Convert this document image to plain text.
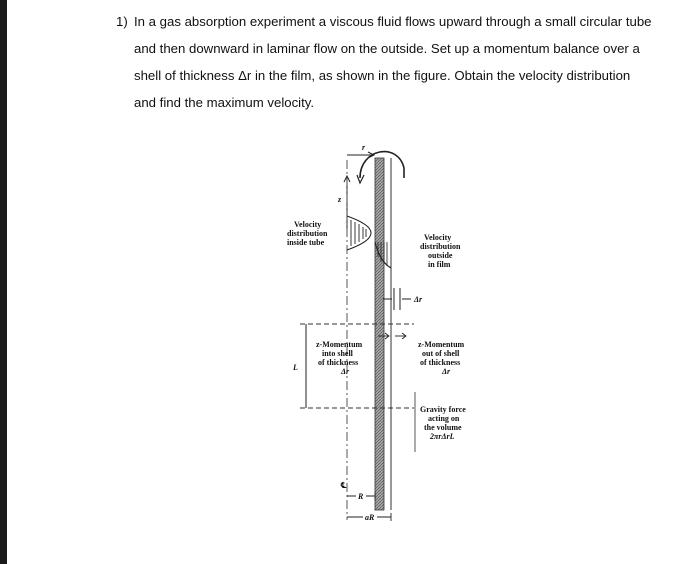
1) In a gas absorption experiment a viscous fluid flows upward through a small circular tube
and then downward in laminar flow on the outside. Set up a momentum balance over a
shell of thickness Δr in the film, as shown in the figure. Obtain the velocity distribution
and find the maximum velocity.
r
z
Velocity
distribution
inside tube
Velocity
distribution
outside
in film
Δr
L
z-Momentum
into shell
of thickness
Δr
z-Momentum
out of shell
of thickness
Δr
Gravity force
acting on
the volume
2πrΔrL
℄
R
aR
